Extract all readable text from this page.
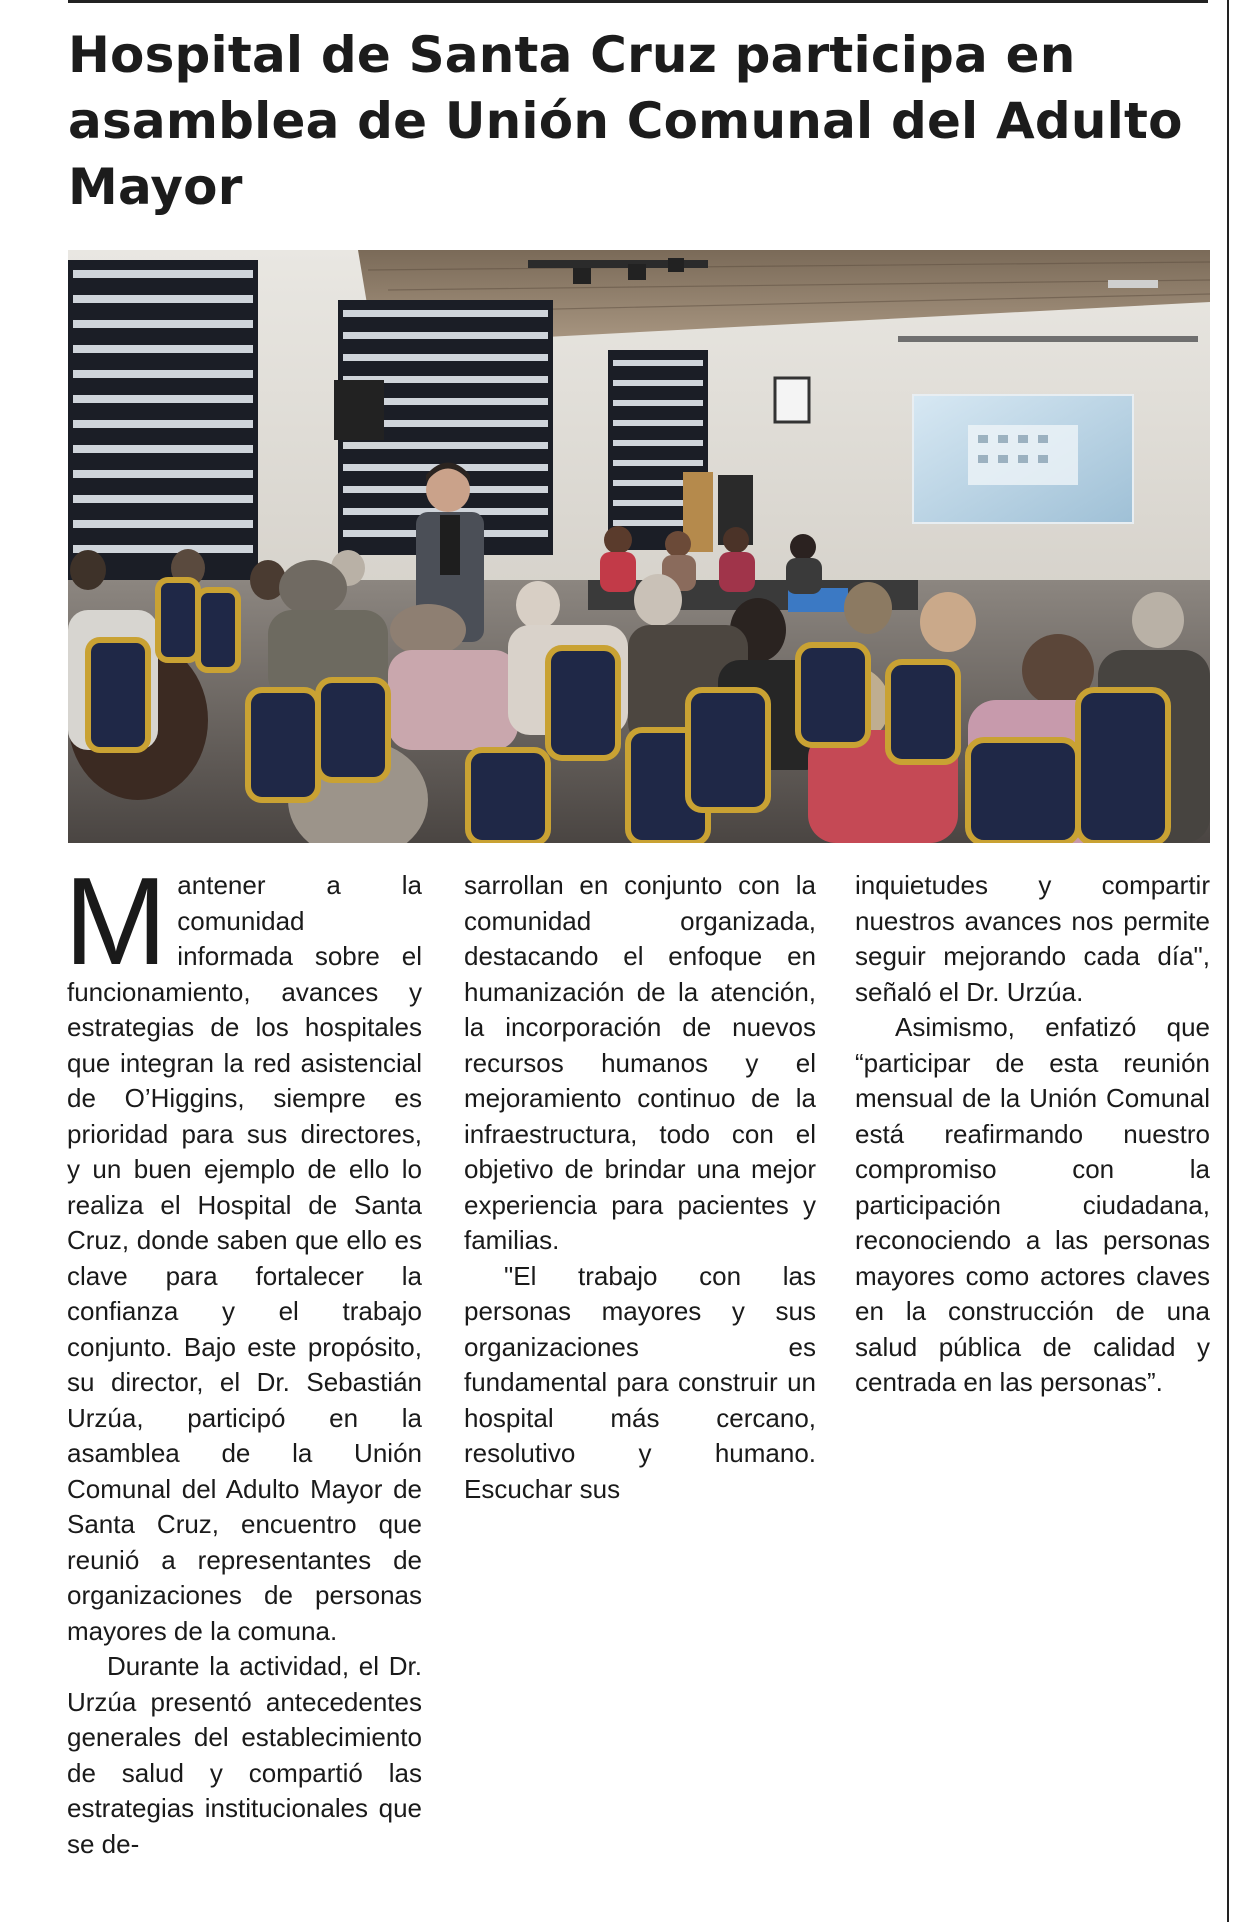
Hospital de Santa Cruz participa en asamblea de Unión Comunal del Adulto Mayor

Mantener a la comunidad informada sobre el funcionamiento, avances y estrategias de los hospitales que integran la red asistencial de O’Higgins, siempre es prioridad para sus directores, y un buen ejemplo de ello lo realiza el Hospital de Santa Cruz, donde saben que ello es clave para fortalecer la confianza y el trabajo conjunto. Bajo este propósito, su director, el Dr. Sebastián Urzúa, participó en la asamblea de la Unión Comunal del Adulto Mayor de Santa Cruz, encuentro que reunió a representantes de organizaciones de personas mayores de la comuna.

Durante la actividad, el Dr. Urzúa presentó antecedentes generales del establecimiento de salud y compartió las estrategias institucionales que se de-

sarrollan en conjunto con la comunidad organizada, destacando el enfoque en humanización de la atención, la incorporación de nuevos recursos humanos y el mejoramiento continuo de la infraestructura, todo con el objetivo de brindar una mejor experiencia para pacientes y familias.

"El trabajo con las personas mayores y sus organizaciones es fundamental para construir un hospital más cercano, resolutivo y humano. Escuchar sus

inquietudes y compartir nuestros avances nos permite seguir mejorando cada día", señaló el Dr. Urzúa.

Asimismo, enfatizó que “participar de esta reunión mensual de la Unión Comunal está reafirmando nuestro compromiso con la participación ciudadana, reconociendo a las personas mayores como actores claves en la construcción de una salud pública de calidad y centrada en las personas”.
